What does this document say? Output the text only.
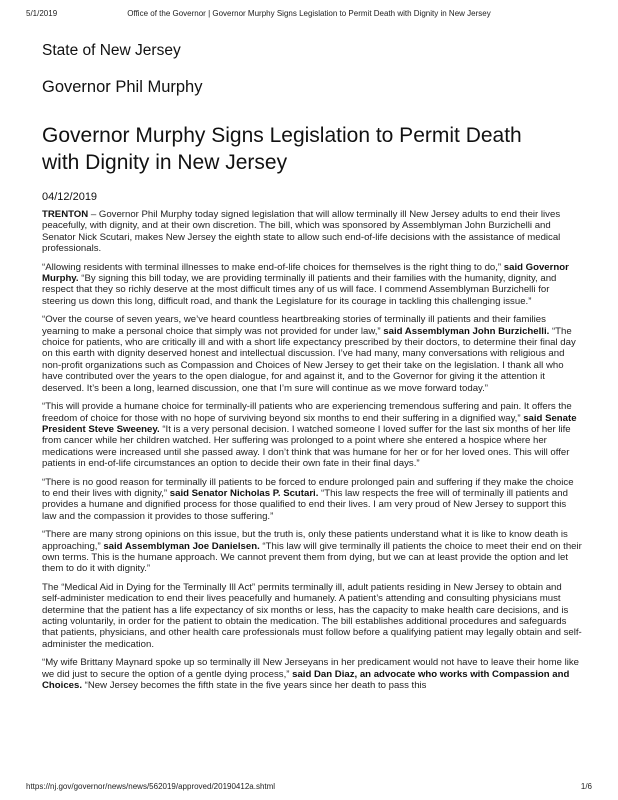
5/1/2019	Office of the Governor | Governor Murphy Signs Legislation to Permit Death with Dignity in New Jersey
State of New Jersey
Governor Phil Murphy
Governor Murphy Signs Legislation to Permit Death with Dignity in New Jersey
04/12/2019

TRENTON – Governor Phil Murphy today signed legislation that will allow terminally ill New Jersey adults to end their lives peacefully, with dignity, and at their own discretion. The bill, which was sponsored by Assemblyman John Burzichelli and Senator Nick Scutari, makes New Jersey the eighth state to allow such end-of-life decisions with the assistance of medical professionals.

“Allowing residents with terminal illnesses to make end-of-life choices for themselves is the right thing to do,” said Governor Murphy. “By signing this bill today, we are providing terminally ill patients and their families with the humanity, dignity, and respect that they so richly deserve at the most difficult times any of us will face. I commend Assemblyman Burzichelli for steering us down this long, difficult road, and thank the Legislature for its courage in tackling this challenging issue.”

“Over the course of seven years, we’ve heard countless heartbreaking stories of terminally ill patients and their families yearning to make a personal choice that simply was not provided for under law,” said Assemblyman John Burzichelli. “The choice for patients, who are critically ill and with a short life expectancy prescribed by their doctors, to determine their final day on this earth with dignity deserved honest and intellectual discussion. I’ve had many, many conversations with religious and non-profit organizations such as Compassion and Choices of New Jersey to get their take on the legislation. I thank all who have contributed over the years to the open dialogue, for and against it, and to the Governor for giving it the attention it deserved. It’s been a long, learned discussion, one that I’m sure will continue as we move forward today.”

“This will provide a humane choice for terminally-ill patients who are experiencing tremendous suffering and pain. It offers the freedom of choice for those with no hope of surviving beyond six months to end their suffering in a dignified way,” said Senate President Steve Sweeney. “It is a very personal decision. I watched someone I loved suffer for the last six months of her life from cancer while her children watched. Her suffering was prolonged to a point where she entered a hospice where her medications were increased until she passed away. I don’t think that was humane for her or for her loved ones. This will offer patients in end-of-life circumstances an option to decide their own fate in their final days.”

“There is no good reason for terminally ill patients to be forced to endure prolonged pain and suffering if they make the choice to end their lives with dignity,” said Senator Nicholas P. Scutari. “This law respects the free will of terminally ill patients and provides a humane and dignified process for those qualified to end their lives. I am very proud of New Jersey to support this law and the compassion it provides to those suffering.”

“There are many strong opinions on this issue, but the truth is, only these patients understand what it is like to know death is approaching,” said Assemblyman Joe Danielsen. “This law will give terminally ill patients the choice to meet their end on their own terms. This is the humane approach. We cannot prevent them from dying, but we can at least provide the option and let them to do it with dignity.”

The “Medical Aid in Dying for the Terminally Ill Act” permits terminally ill, adult patients residing in New Jersey to obtain and self-administer medication to end their lives peacefully and humanely. A patient’s attending and consulting physicians must determine that the patient has a life expectancy of six months or less, has the capacity to make health care decisions, and is acting voluntarily, in order for the patient to obtain the medication. The bill establishes additional procedures and safeguards that patients, physicians, and other health care professionals must follow before a qualifying patient may legally obtain and self-administer the medication.

“My wife Brittany Maynard spoke up so terminally ill New Jerseyans in her predicament would not have to leave their home like we did just to secure the option of a gentle dying process,” said Dan Diaz, an advocate who works with Compassion and Choices. “New Jersey becomes the fifth state in the five years since her death to pass this

https://nj.gov/governor/news/news/562019/approved/20190412a.shtml	1/6
